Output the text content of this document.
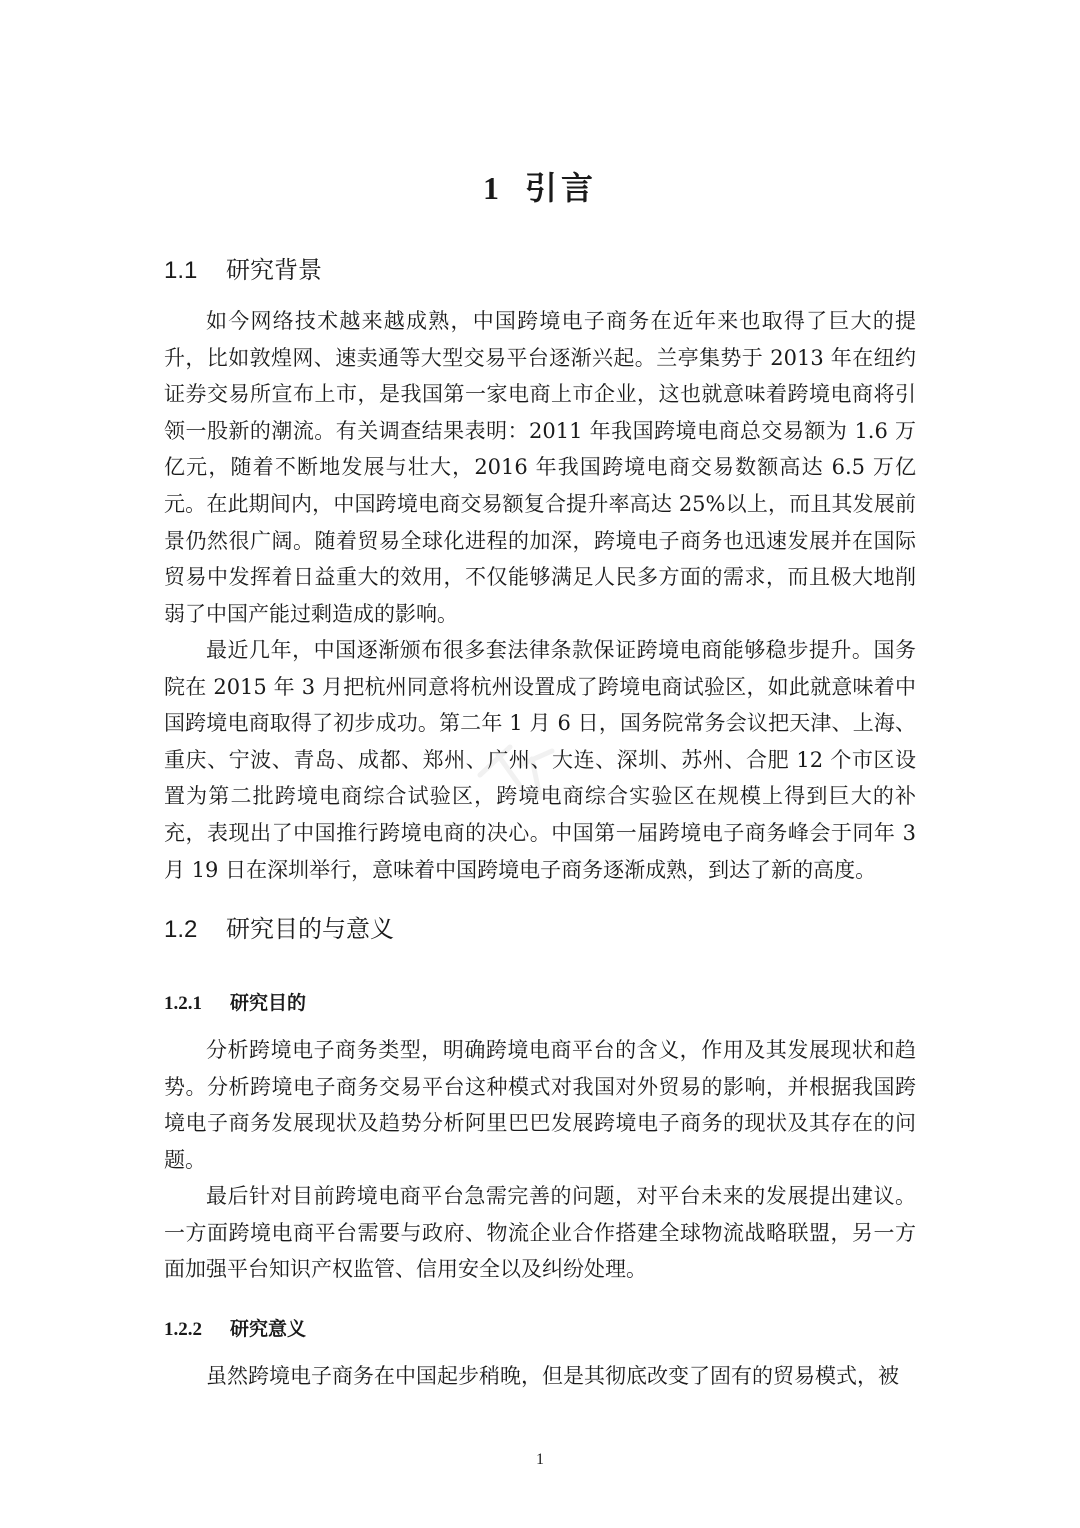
1 引言
1.1 研究背景

如今网络技术越来越成熟，中国跨境电子商务在近年来也取得了巨大的提升，比如敦煌网、速卖通等大型交易平台逐渐兴起。兰亭集势于 2013 年在纽约证券交易所宣布上市，是我国第一家电商上市企业，这也就意味着跨境电商将引领一股新的潮流。有关调查结果表明：2011 年我国跨境电商总交易额为 1.6 万亿元，随着不断地发展与壮大，2016 年我国跨境电商交易数额高达 6.5 万亿元。在此期间内，中国跨境电商交易额复合提升率高达 25%以上，而且其发展前景仍然很广阔。随着贸易全球化进程的加深，跨境电子商务也迅速发展并在国际贸易中发挥着日益重大的效用，不仅能够满足人民多方面的需求，而且极大地削弱了中国产能过剩造成的影响。

最近几年，中国逐渐颁布很多套法律条款保证跨境电商能够稳步提升。国务院在 2015 年 3 月把杭州同意将杭州设置成了跨境电商试验区，如此就意味着中国跨境电商取得了初步成功。第二年 1 月 6 日，国务院常务会议把天津、上海、重庆、宁波、青岛、成都、郑州、广州、大连、深圳、苏州、合肥 12 个市区设置为第二批跨境电商综合试验区，跨境电商综合实验区在规模上得到巨大的补充，表现出了中国推行跨境电商的决心。中国第一届跨境电子商务峰会于同年 3 月 19 日在深圳举行，意味着中国跨境电子商务逐渐成熟，到达了新的高度。

1.2 研究目的与意义
1.2.1 研究目的

分析跨境电子商务类型，明确跨境电商平台的含义，作用及其发展现状和趋势。分析跨境电子商务交易平台这种模式对我国对外贸易的影响，并根据我国跨境电子商务发展现状及趋势分析阿里巴巴发展跨境电子商务的现状及其存在的问题。

最后针对目前跨境电商平台急需完善的问题，对平台未来的发展提出建议。一方面跨境电商平台需要与政府、物流企业合作搭建全球物流战略联盟，另一方面加强平台知识产权监管、信用安全以及纠纷处理。

1.2.2 研究意义

虽然跨境电子商务在中国起步稍晚，但是其彻底改变了固有的贸易模式，被

1
